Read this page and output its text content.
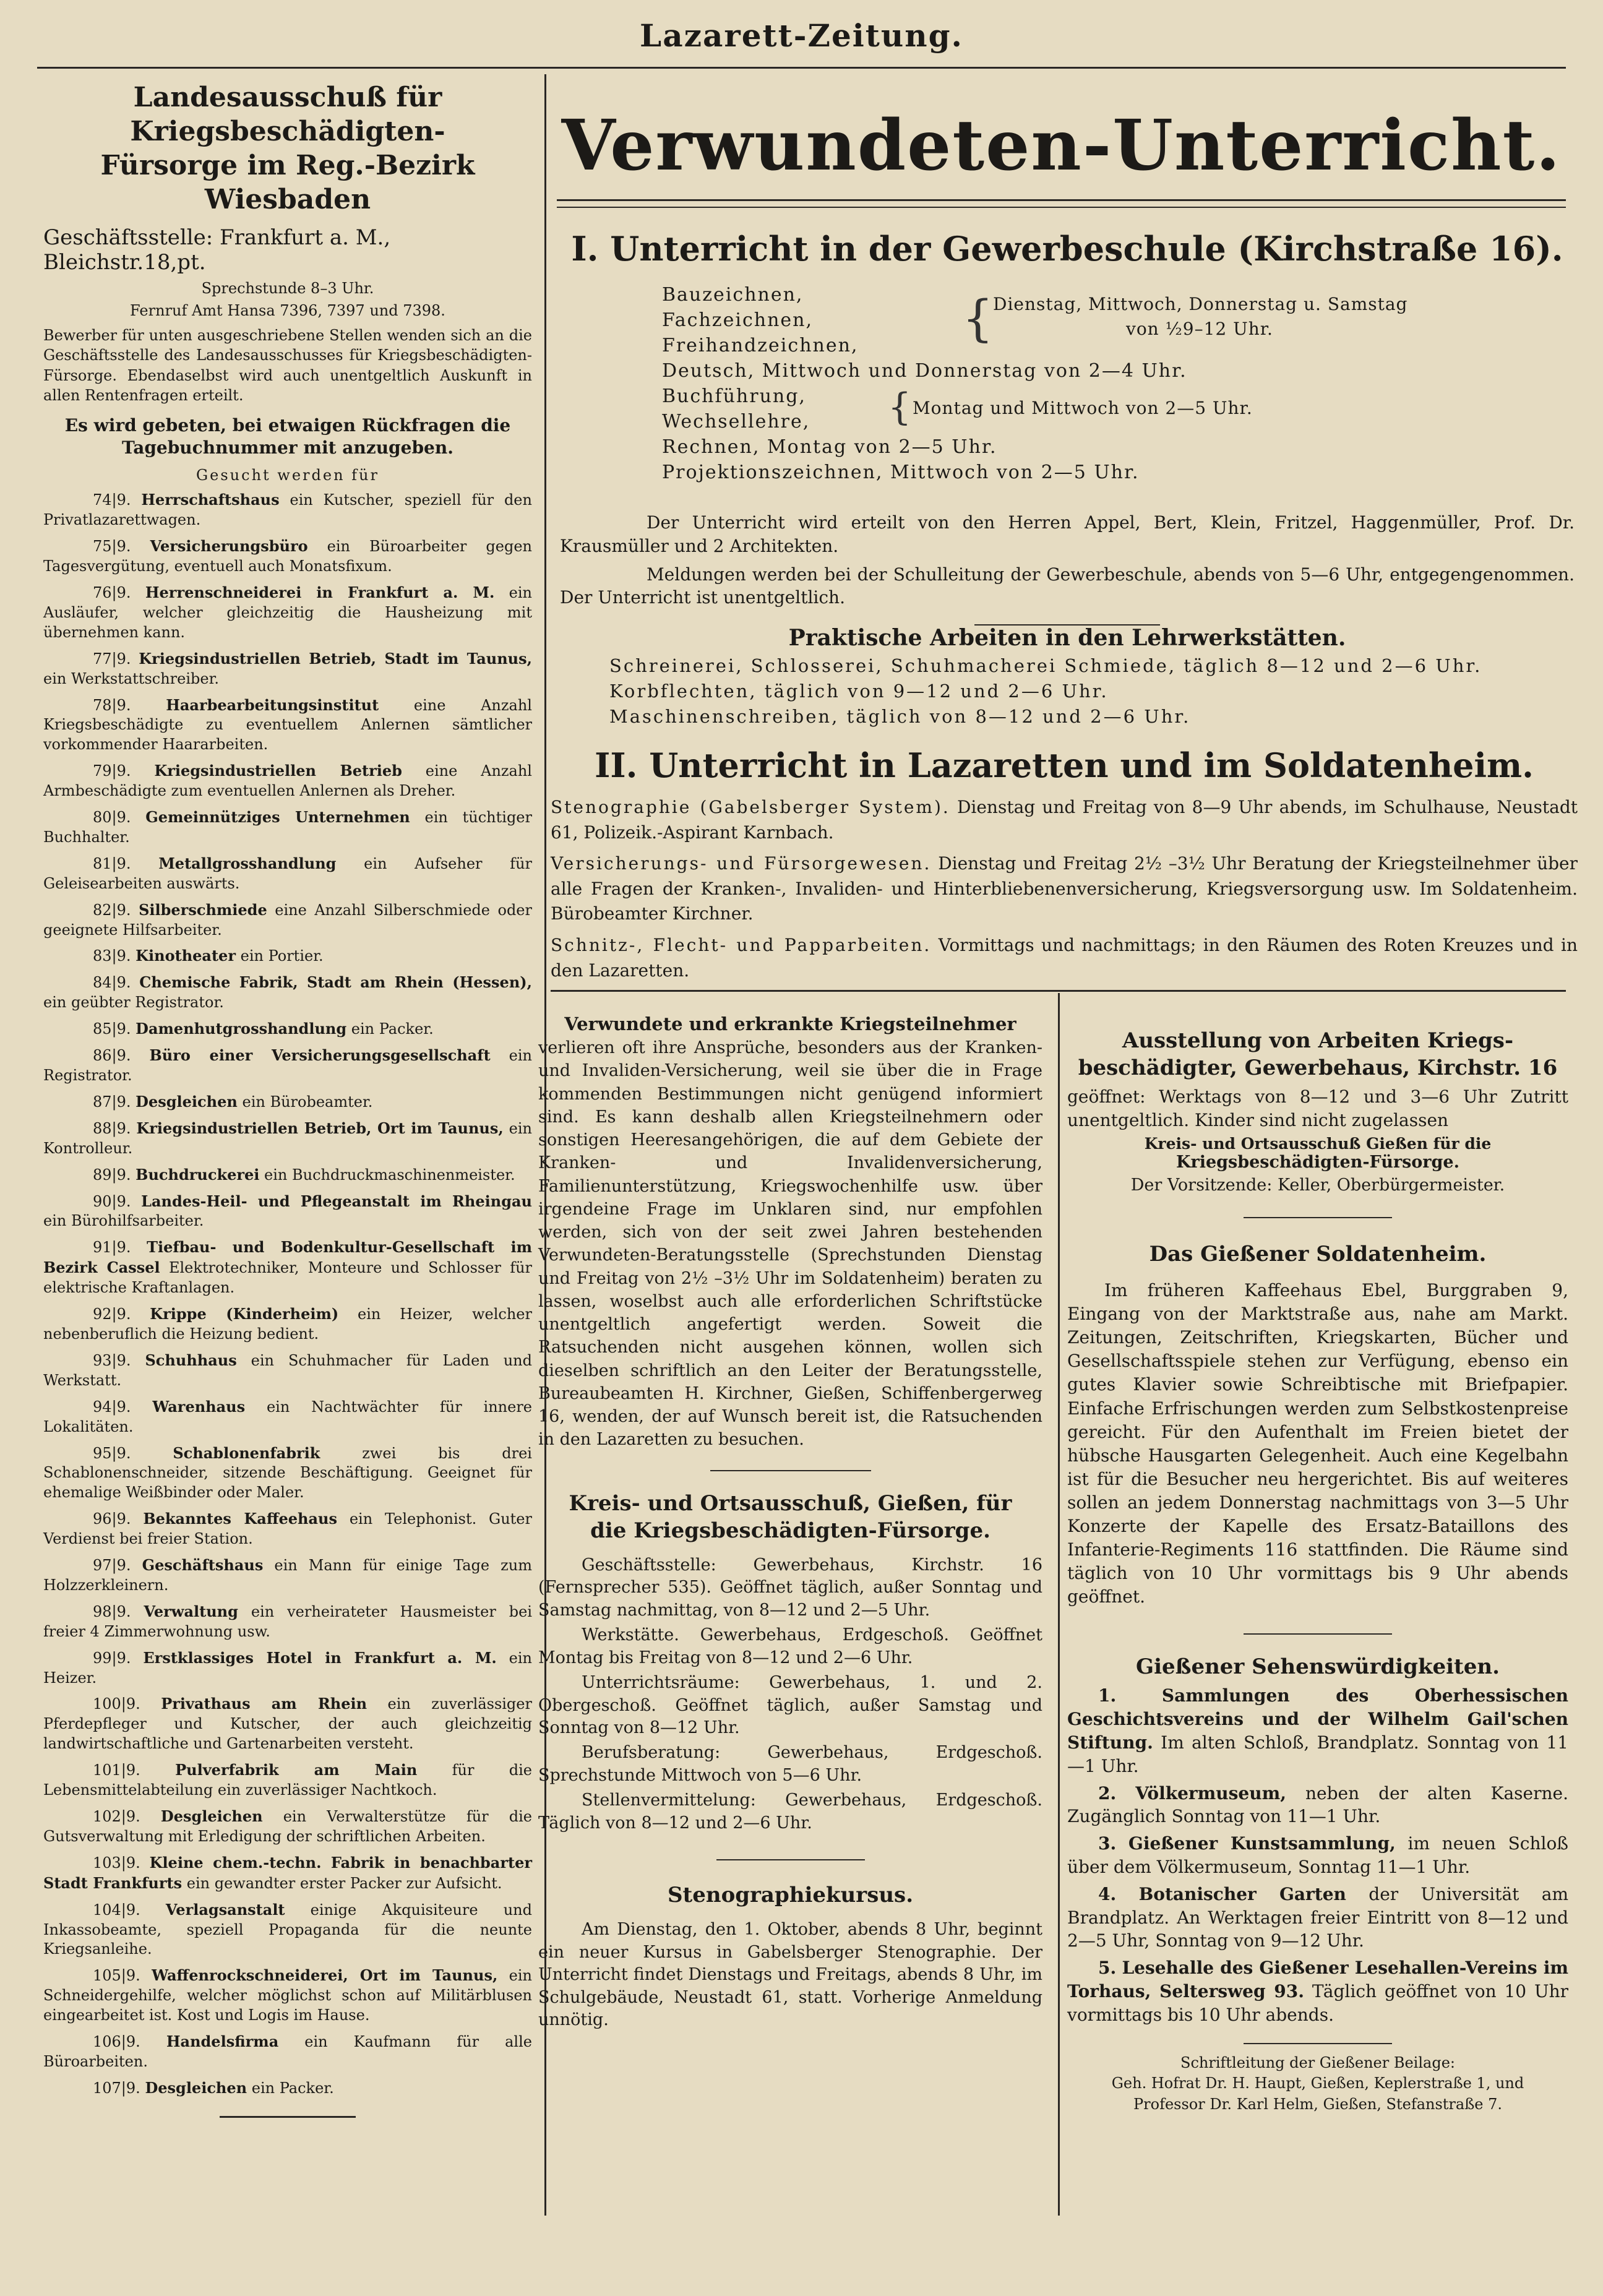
Lazarett-Zeitung.
Landesausschuß für Kriegsbeschädigten-
Fürsorge im Reg.-Bezirk Wiesbaden
Geschäftsstelle: Frankfurt a. M., Bleichstr.18,pt.
Sprechstunde 8–3 Uhr.
Fernruf Amt Hansa 7396, 7397 und 7398.
Bewerber für unten ausgeschriebene Stellen wenden sich an die Geschäftsstelle des Landesausschusses für Kriegsbeschädigten-Fürsorge. Ebendaselbst wird auch unentgeltlich Auskunft in allen Rentenfragen erteilt.
Es wird gebeten, bei etwaigen Rückfragen die Tagebuchnummer mit anzugeben.
Gesucht werden für
74|9. Herrschaftshaus ein Kutscher, speziell für den Privatlazarettwagen.
75|9. Versicherungsbüro ein Büroarbeiter gegen Tagesvergütung, eventuell auch Monatsfixum.
76|9. Herrenschneiderei in Frankfurt a. M. ein Ausläufer, welcher gleichzeitig die Hausheizung mit übernehmen kann.
77|9. Kriegsindustriellen Betrieb, Stadt im Taunus, ein Werkstattschreiber.
78|9. Haarbearbeitungsinstitut eine Anzahl Kriegsbeschädigte zu eventuellem Anlernen sämtlicher vorkommender Haararbeiten.
79|9. Kriegsindustriellen Betrieb eine Anzahl Armbeschädigte zum eventuellen Anlernen als Dreher.
80|9. Gemeinnütziges Unternehmen ein tüchtiger Buchhalter.
81|9. Metallgrosshandlung ein Aufseher für Geleisearbeiten auswärts.
82|9. Silberschmiede eine Anzahl Silberschmiede oder geeignete Hilfsarbeiter.
83|9. Kinotheater ein Portier.
84|9. Chemische Fabrik, Stadt am Rhein (Hessen), ein geübter Registrator.
85|9. Damenhutgrosshandlung ein Packer.
86|9. Büro einer Versicherungsgesellschaft ein Registrator.
87|9. Desgleichen ein Bürobeamter.
88|9. Kriegsindustriellen Betrieb, Ort im Taunus, ein Kontrolleur.
89|9. Buchdruckerei ein Buchdruckmaschinenmeister.
90|9. Landes-Heil- und Pflegeanstalt im Rheingau ein Bürohilfsarbeiter.
91|9. Tiefbau- und Bodenkultur-Gesellschaft im Bezirk Cassel Elektrotechniker, Monteure und Schlosser für elektrische Kraftanlagen.
92|9. Krippe (Kinderheim) ein Heizer, welcher nebenberuflich die Heizung bedient.
93|9. Schuhhaus ein Schuhmacher für Laden und Werkstatt.
94|9. Warenhaus ein Nachtwächter für innere Lokalitäten.
95|9.	Schablonenfabrik	zwei bis drei Schablonenschneider, sitzende Beschäftigung. Geeignet für ehemalige Weißbinder oder Maler.
96|9. Bekanntes Kaffeehaus ein Telephonist. Guter Verdienst bei freier Station.
97|9. Geschäftshaus ein Mann für einige Tage zum Holzzerkleinern.
98|9. Verwaltung ein verheirateter Hausmeister bei freier 4 Zimmerwohnung usw.
99|9. Erstklassiges Hotel in Frankfurt a. M. ein Heizer.
100|9. Privathaus am Rhein ein zuverlässiger Pferdepfleger und Kutscher, der auch gleichzeitig landwirtschaftliche und Gartenarbeiten versteht.
101|9. Pulverfabrik am Main für die Lebensmittelabteilung ein zuverlässiger Nachtkoch.
102|9. Desgleichen ein Verwalterstütze für die Gutsverwaltung mit Erledigung der schriftlichen Arbeiten.
103|9. Kleine chem.-techn. Fabrik in benachbarter Stadt Frankfurts ein gewandter erster Packer zur Aufsicht.
104|9. Verlagsanstalt einige Akquisiteure und Inkassobeamte, speziell Propaganda für die neunte Kriegsanleihe.
105|9. Waffenrockschneiderei, Ort im Taunus, ein Schneidergehilfe, welcher möglichst schon auf Militärblusen eingearbeitet ist. Kost und Logis im Hause.
106|9. Handelsfirma ein Kaufmann für alle Büroarbeiten.
107|9. Desgleichen ein Packer.
Verwundeten-Unterricht.
I. Unterricht in der Gewerbeschule (Kirchstraße 16).
Bauzeichnen,
Fachzeichnen,
Freihandzeichnen, {
Dienstag, Mittwoch, Donnerstag u. Samstag
von ½9–12 Uhr.
Deutsch, Mittwoch und Donnerstag von 2—4 Uhr.
Buchführung,
Wechsellehre, { Montag und Mittwoch von 2—5 Uhr.
Rechnen, Montag von 2—5 Uhr.
Projektionszeichnen, Mittwoch von 2—5 Uhr.
Der Unterricht wird erteilt von den Herren Appel, Bert, Klein, Fritzel, Haggenmüller, Prof. Dr. Krausmüller und 2 Architekten.
Meldungen werden bei der Schulleitung der Gewerbeschule, abends von 5—6 Uhr, entgegengenommen. Der Unterricht ist unentgeltlich.
Praktische Arbeiten in den Lehrwerkstätten.
Schreinerei, Schlosserei, Schuhmacherei Schmiede, täglich 8—12 und 2—6 Uhr.
Korbflechten, täglich von 9—12 und 2—6 Uhr.
Maschinenschreiben, täglich von 8—12 und 2—6 Uhr.
II. Unterricht in Lazaretten und im Soldatenheim.
Stenographie (Gabelsberger System). Dienstag und Freitag von 8—9 Uhr abends, im Schulhause, Neustadt 61, Polizeik.-Aspirant Karnbach.
Versicherungs- und Fürsorgewesen. Dienstag und Freitag 2½ –3½ Uhr Beratung der Kriegsteilnehmer über alle Fragen der Kranken-, Invaliden- und Hinterbliebenenversicherung, Kriegsversorgung usw. Im Soldatenheim. Bürobeamter Kirchner.
Schnitz-, Flecht- und Papparbeiten. Vormittags und nachmittags; in den Räumen des Roten Kreuzes und in den Lazaretten.
Verwundete und erkrankte Kriegsteilnehmer
verlieren oft ihre Ansprüche, besonders aus der Kranken- und Invaliden-Versicherung, weil sie über die in Frage kommenden Bestimmungen nicht genügend informiert sind. Es kann deshalb allen Kriegsteilnehmern oder sonstigen Heeresangehörigen, die auf dem Gebiete der Kranken- und Invalidenversicherung, Familienunterstützung, Kriegswochenhilfe usw. über irgendeine Frage im Unklaren sind, nur empfohlen werden, sich von der seit zwei Jahren bestehenden Verwundeten-Beratungsstelle (Sprechstunden Dienstag und Freitag von 2½ –3½ Uhr im Soldatenheim) beraten zu lassen, woselbst auch alle erforderlichen Schriftstücke unentgeltlich angefertigt werden. Soweit die Ratsuchenden nicht ausgehen können, wollen sich dieselben schriftlich an den Leiter der Beratungsstelle, Bureaubeamten H. Kirchner, Gießen, Schiffenbergerweg 16, wenden, der auf Wunsch bereit ist, die Ratsuchenden in den Lazaretten zu besuchen.
Kreis- und Ortsausschuß, Gießen, für
die Kriegsbeschädigten-Fürsorge.
Geschäftsstelle: Gewerbehaus, Kirchstr. 16 (Fernsprecher 535). Geöffnet täglich, außer Sonntag und Samstag nachmittag, von 8—12 und 2—5 Uhr.
Werkstätte. Gewerbehaus, Erdgeschoß. Geöffnet Montag bis Freitag von 8—12 und 2—6 Uhr.
Unterrichtsräume: Gewerbehaus, 1. und 2. Obergeschoß. Geöffnet täglich, außer Samstag und Sonntag von 8—12 Uhr.
Berufsberatung: Gewerbehaus, Erdgeschoß. Sprechstunde Mittwoch von 5—6 Uhr.
Stellenvermittelung: Gewerbehaus, Erdgeschoß. Täglich von 8—12 und 2—6 Uhr.
Stenographiekursus.
Am Dienstag, den 1. Oktober, abends 8 Uhr, beginnt ein neuer Kursus in Gabelsberger Stenographie. Der Unterricht findet Dienstags und Freitags, abends 8 Uhr, im Schulgebäude, Neustadt 61, statt. Vorherige Anmeldung unnötig.
Ausstellung von Arbeiten Kriegs-
beschädigter, Gewerbehaus, Kirchstr. 16
geöffnet: Werktags von 8—12 und 3—6 Uhr Zutritt unentgeltlich. Kinder sind nicht zugelassen
Kreis- und Ortsausschuß Gießen für die
Kriegsbeschädigten-Fürsorge.
Der Vorsitzende: Keller, Oberbürgermeister.
Das Gießener Soldatenheim.
Im früheren Kaffeehaus Ebel, Burggraben 9, Eingang von der Marktstraße aus, nahe am Markt. Zeitungen, Zeitschriften, Kriegskarten, Bücher und Gesellschaftsspiele stehen zur Verfügung, ebenso ein gutes Klavier sowie Schreibtische mit Briefpapier. Einfache Erfrischungen werden zum Selbstkostenpreise gereicht. Für den Aufenthalt im Freien bietet der hübsche Hausgarten Gelegenheit. Auch eine Kegelbahn ist für die Besucher neu hergerichtet. Bis auf weiteres sollen an jedem Donnerstag nachmittags von 3—5 Uhr Konzerte der Kapelle des Ersatz-Bataillons des Infanterie-Regiments 116 stattfinden. Die Räume sind täglich von 10 Uhr vormittags bis 9 Uhr abends geöffnet.
Gießener Sehenswürdigkeiten.
1.	Sammlungen des Oberhessischen Geschichtsvereins und der Wilhelm Gail'schen Stiftung. Im alten Schloß, Brandplatz. Sonntag von 11—1 Uhr.
2. Völkermuseum, neben der alten Kaserne. Zugänglich Sonntag von 11—1 Uhr.
3. Gießener Kunstsammlung, im neuen Schloß über dem Völkermuseum, Sonntag 11—1 Uhr.
4. Botanischer Garten der Universität am Brandplatz. An Werktagen freier Eintritt von 8—12 und 2—5 Uhr, Sonntag von 9—12 Uhr.
5. Lesehalle des Gießener Lesehallen-Vereins im Torhaus, Seltersweg 93. Täglich geöffnet von 10 Uhr vormittags bis 10 Uhr abends.
Schriftleitung der Gießener Beilage:
Geh. Hofrat Dr. H. Haupt, Gießen, Keplerstraße 1, und
Professor Dr. Karl Helm, Gießen, Stefanstraße 7.
